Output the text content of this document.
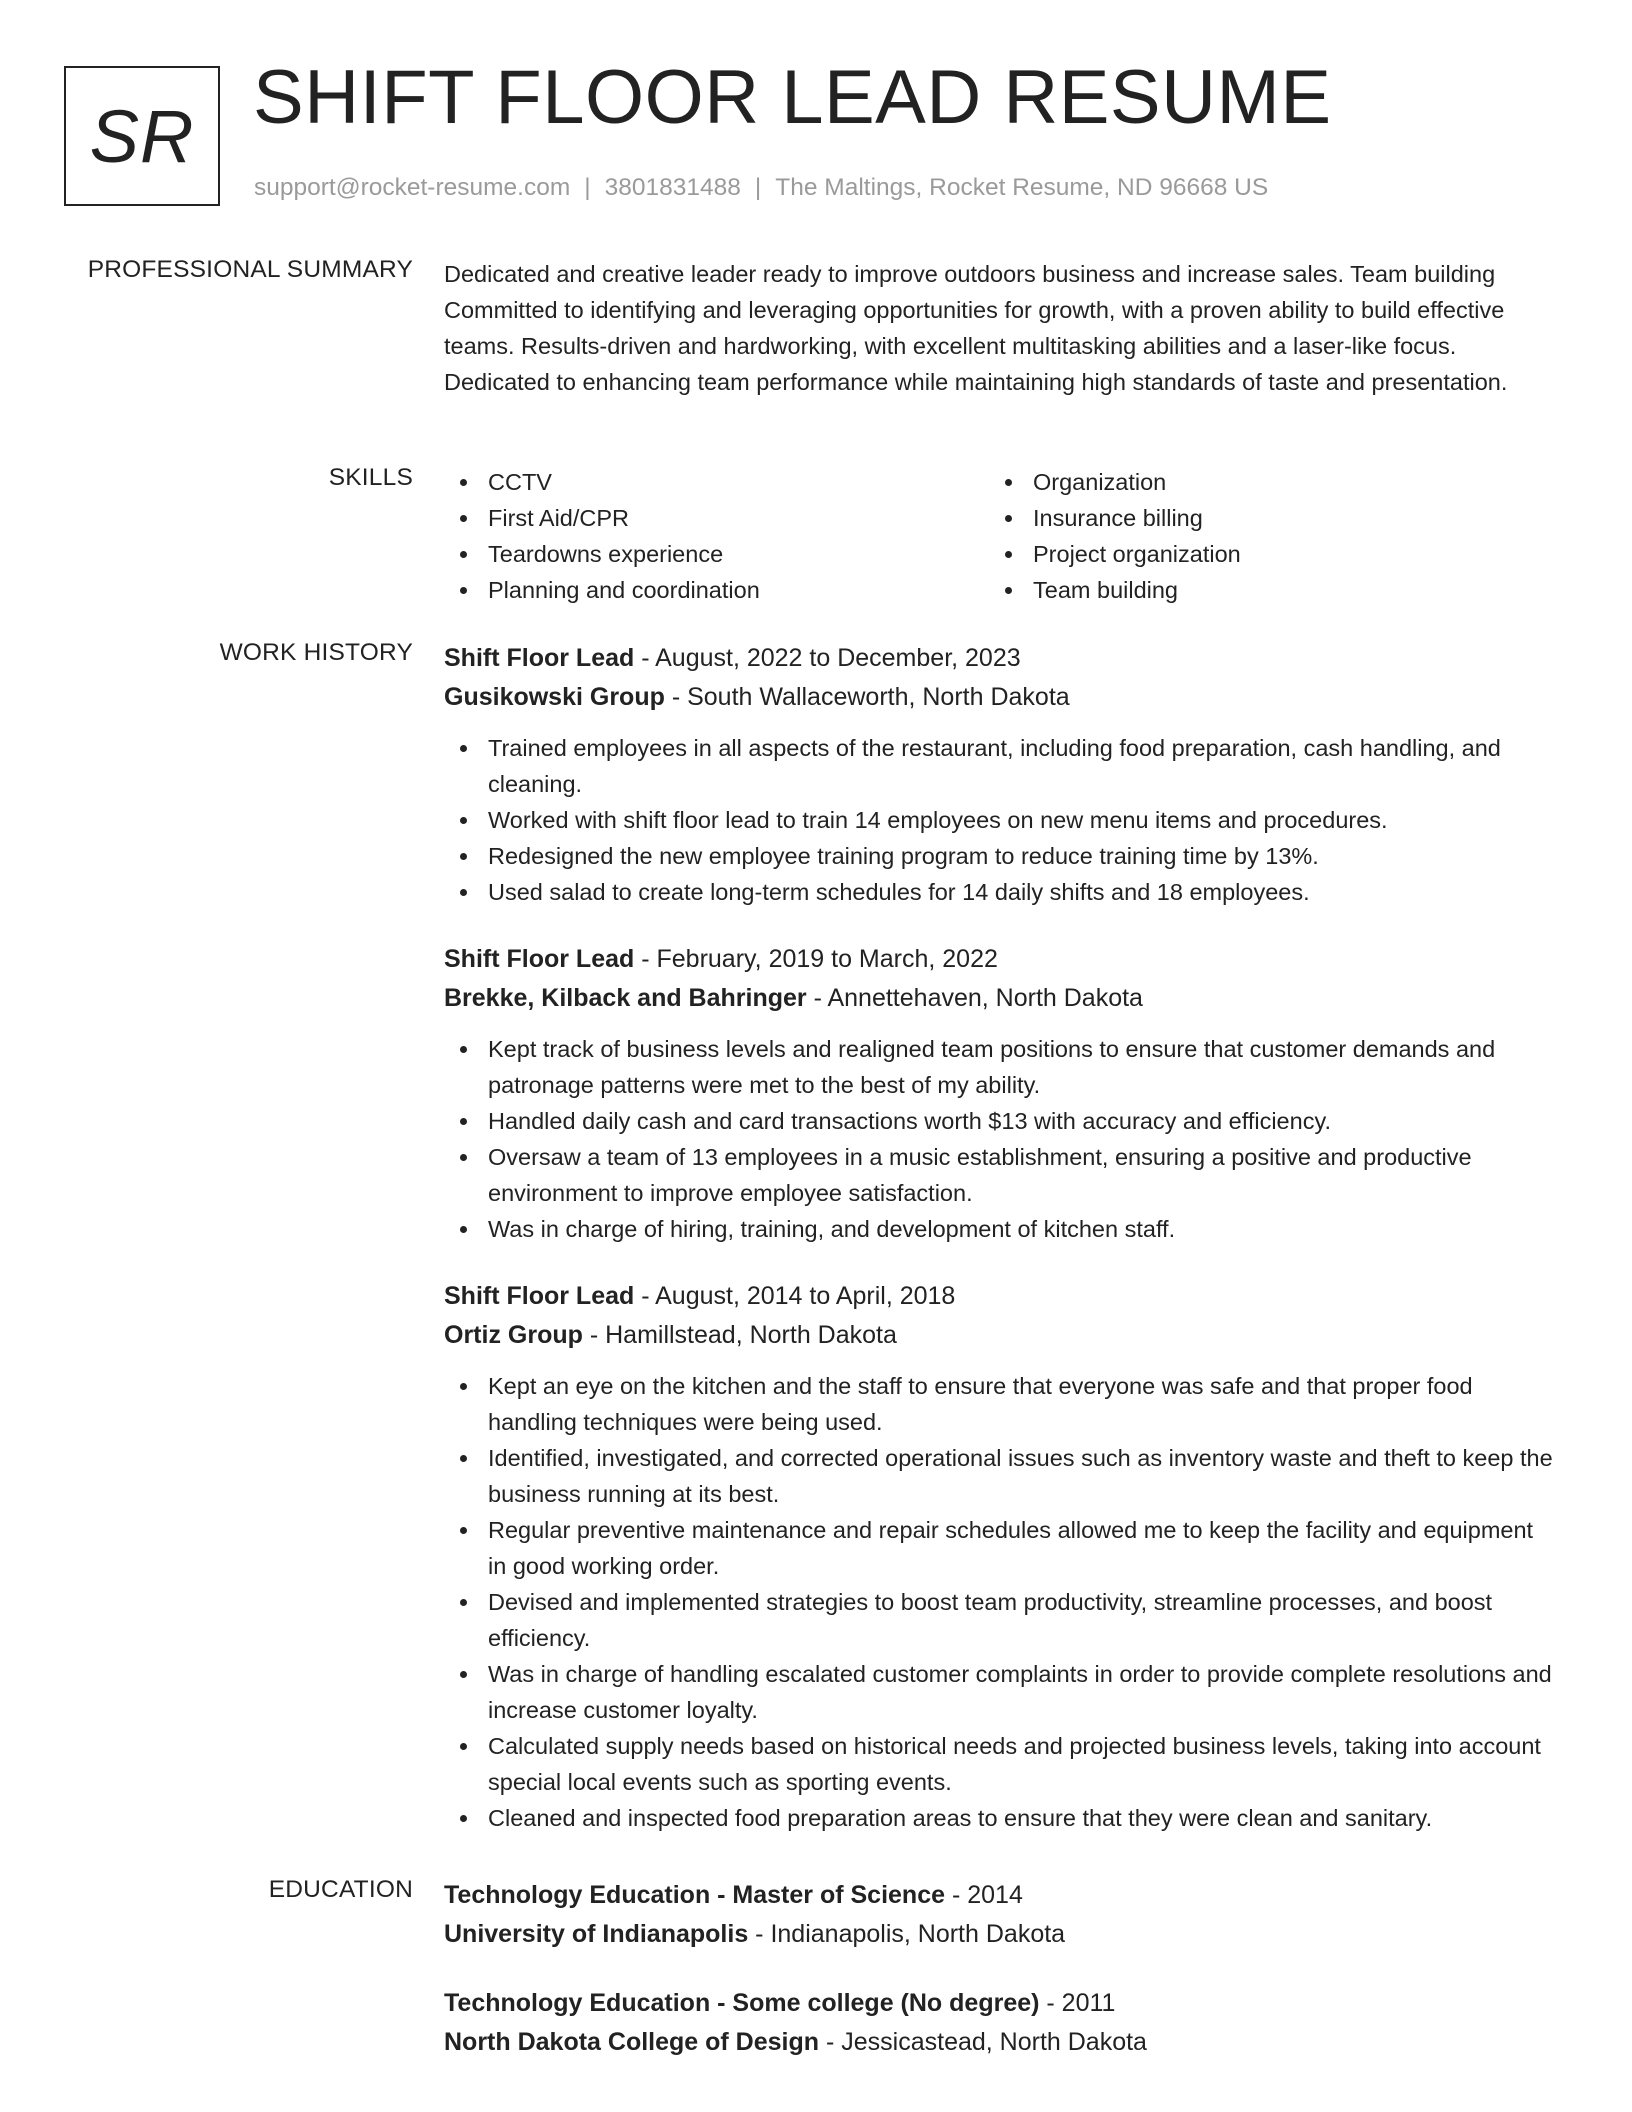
SR SHIFT FLOOR LEAD RESUME
support@rocket-resume.com | 3801831488 | The Maltings, Rocket Resume, ND 96668 US
PROFESSIONAL SUMMARY Dedicated and creative leader ready to improve outdoors business and increase sales. Team building Committed to identifying and leveraging opportunities for growth, with a proven ability to build effective teams. Results-driven and hardworking, with excellent multitasking abilities and a laser-like focus. Dedicated to enhancing team performance while maintaining high standards of taste and presentation.

SKILLS	CCTV
First Aid/CPR
Teardowns experience
Planning and coordination
Organization
Insurance billing
Project organization
Team building
WORK HISTORY Shift Floor Lead - August, 2022 to December, 2023
Gusikowski Group - South Wallaceworth, North Dakota
Trained employees in all aspects of the restaurant, including food preparation, cash handling, and cleaning.
Worked with shift floor lead to train 14 employees on new menu items and procedures.
Redesigned the new employee training program to reduce training time by 13%.
Used salad to create long-term schedules for 14 daily shifts and 18 employees.
Shift Floor Lead - February, 2019 to March, 2022
Brekke, Kilback and Bahringer - Annettehaven, North Dakota
Kept track of business levels and realigned team positions to ensure that customer demands and patronage patterns were met to the best of my ability.
Handled daily cash and card transactions worth $13 with accuracy and efficiency.
Oversaw a team of 13 employees in a music establishment, ensuring a positive and productive environment to improve employee satisfaction.
Was in charge of hiring, training, and development of kitchen staff.
Shift Floor Lead - August, 2014 to April, 2018
Ortiz Group - Hamillstead, North Dakota
Kept an eye on the kitchen and the staff to ensure that everyone was safe and that proper food handling techniques were being used.
Identified, investigated, and corrected operational issues such as inventory waste and theft to keep the business running at its best.
Regular preventive maintenance and repair schedules allowed me to keep the facility and equipment in good working order.
Devised and implemented strategies to boost team productivity, streamline processes, and boost efficiency.
Was in charge of handling escalated customer complaints in order to provide complete resolutions and increase customer loyalty.
Calculated supply needs based on historical needs and projected business levels, taking into account special local events such as sporting events.
Cleaned and inspected food preparation areas to ensure that they were clean and sanitary.
EDUCATION Technology Education - Master of Science - 2014
University of Indianapolis - Indianapolis, North Dakota
Technology Education - Some college (No degree) - 2011
North Dakota College of Design - Jessicastead, North Dakota
